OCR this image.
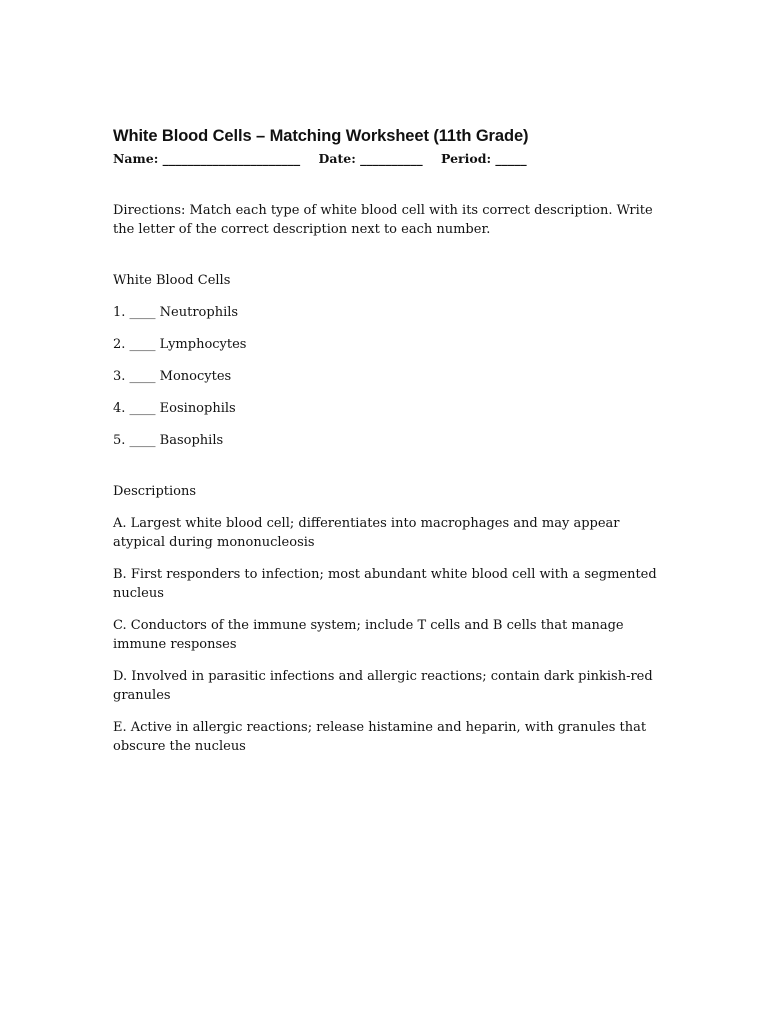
White Blood Cells – Matching Worksheet (11th Grade)
Name: ______________________ Date: __________ Period: _____
Directions: Match each type of white blood cell with its correct description. Write the letter of the correct description next to each number.
White Blood Cells
1. ____ Neutrophils
2. ____ Lymphocytes
3. ____ Monocytes
4. ____ Eosinophils
5. ____ Basophils
Descriptions
A. Largest white blood cell; differentiates into macrophages and may appear atypical during mononucleosis
B. First responders to infection; most abundant white blood cell with a segmented nucleus
C. Conductors of the immune system; include T cells and B cells that manage immune responses
D. Involved in parasitic infections and allergic reactions; contain dark pinkish-red granules
E. Active in allergic reactions; release histamine and heparin, with granules that obscure the nucleus
